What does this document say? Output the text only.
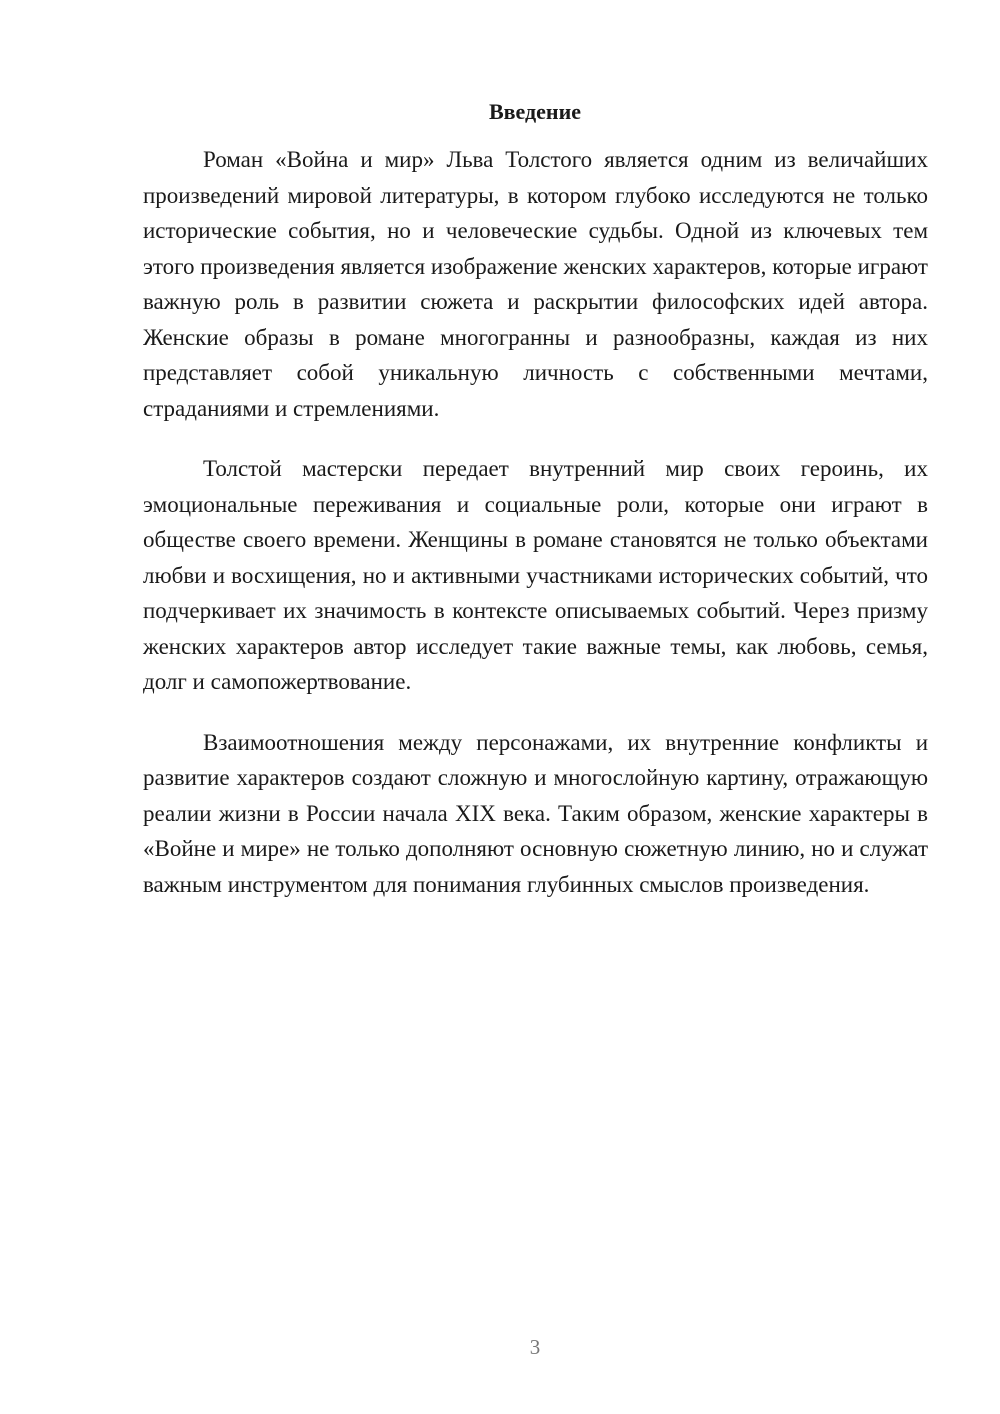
Введение

Роман «Война и мир» Льва Толстого является одним из величайших произведений мировой литературы, в котором глубоко исследуются не только исторические события, но и человеческие судьбы. Одной из ключевых тем этого произведения является изображение женских характеров, которые играют важную роль в развитии сюжета и раскрытии философских идей автора. Женские образы в романе многогранны и разнообразны, каждая из них представляет собой уникальную личность с собственными мечтами, страданиями и стремлениями.

Толстой мастерски передает внутренний мир своих героинь, их эмоциональные переживания и социальные роли, которые они играют в обществе своего времени. Женщины в романе становятся не только объектами любви и восхищения, но и активными участниками исторических событий, что подчеркивает их значимость в контексте описываемых событий. Через призму женских характеров автор исследует такие важные темы, как любовь, семья, долг и самопожертвование.

Взаимоотношения между персонажами, их внутренние конфликты и развитие характеров создают сложную и многослойную картину, отражающую реалии жизни в России начала XIX века. Таким образом, женские характеры в «Войне и мире» не только дополняют основную сюжетную линию, но и служат важным инструментом для понимания глубинных смыслов произведения.

3
